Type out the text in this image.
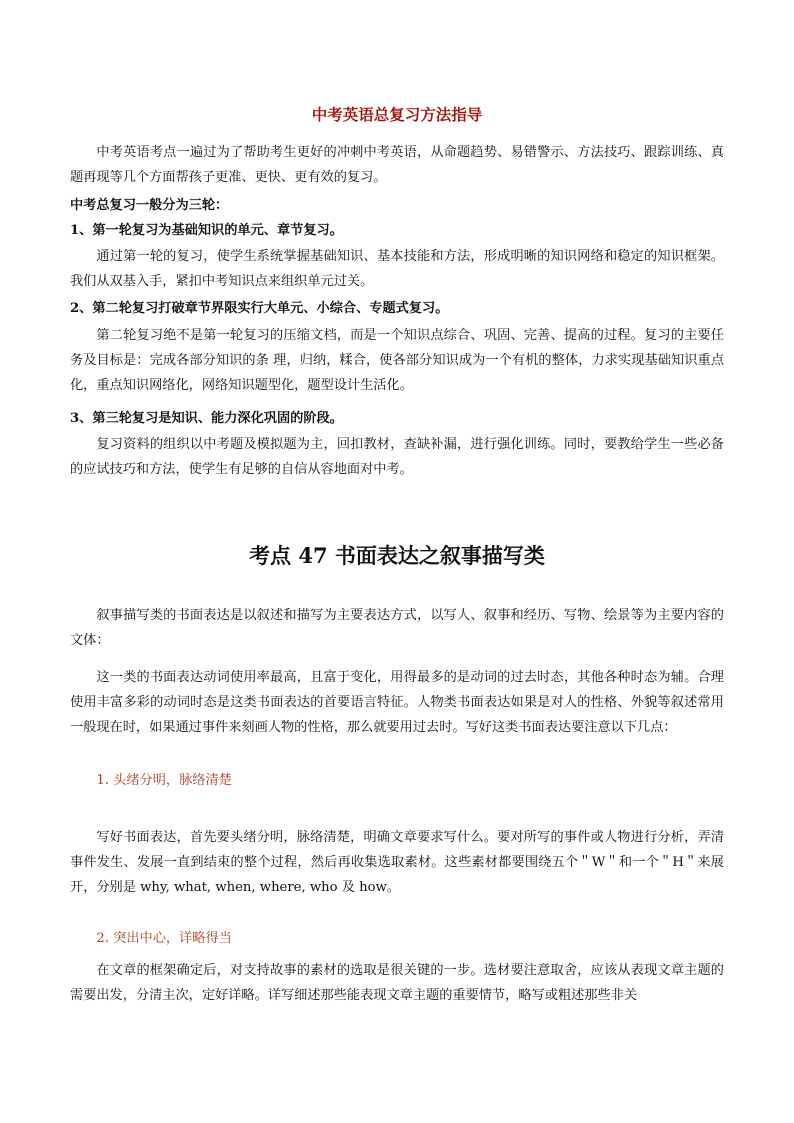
中考英语总复习方法指导

中考英语考点一遍过为了帮助考生更好的冲刺中考英语，从命题趋势、易错警示、方法技巧、跟踪训练、真题再现等几个方面帮孩子更准、更快、更有效的复习。

中考总复习一般分为三轮：

1、第一轮复习为基础知识的单元、章节复习。

通过第一轮的复习，使学生系统掌握基础知识、基本技能和方法，形成明晰的知识网络和稳定的知识框架。我们从双基入手，紧扣中考知识点来组织单元过关。

2、第二轮复习打破章节界限实行大单元、小综合、专题式复习。

第二轮复习绝不是第一轮复习的压缩文档，而是一个知识点综合、巩固、完善、提高的过程。复习的主要任务及目标是：完成各部分知识的条 理，归纳，糅合，使各部分知识成为一个有机的整体，力求实现基础知识重点化，重点知识网络化，网络知识题型化，题型设计生活化。

3、第三轮复习是知识、能力深化巩固的阶段。

复习资料的组织以中考题及模拟题为主，回扣教材，查缺补漏，进行强化训练。同时，要教给学生一些必备的应试技巧和方法，使学生有足够的自信从容地面对中考。

考点 47 书面表达之叙事描写类

叙事描写类的书面表达是以叙述和描写为主要表达方式，以写人、叙事和经历、写物、绘景等为主要内容的文体：

这一类的书面表达动词使用率最高，且富于变化，用得最多的是动词的过去时态，其他各种时态为辅。合理使用丰富多彩的动词时态是这类书面表达的首要语言特征。人物类书面表达如果是对人的性格、外貌等叙述常用一般现在时，如果通过事件来刻画人物的性格，那么就要用过去时。写好这类书面表达要注意以下几点：

1. 头绪分明，脉络清楚

写好书面表达，首先要头绪分明，脉络清楚，明确文章要求写什么。要对所写的事件或人物进行分析，弄清事件发生、发展一直到结束的整个过程，然后再收集选取素材。这些素材都要围绕五个＂W＂和一个＂H＂来展开，分别是 why, what, when, where, who 及 how。

2. 突出中心，详略得当

在文章的框架确定后，对支持故事的素材的选取是很关键的一步。选材要注意取舍，应该从表现文章主题的需要出发，分清主次，定好详略。详写细述那些能表现文章主题的重要情节，略写或粗述那些非关
